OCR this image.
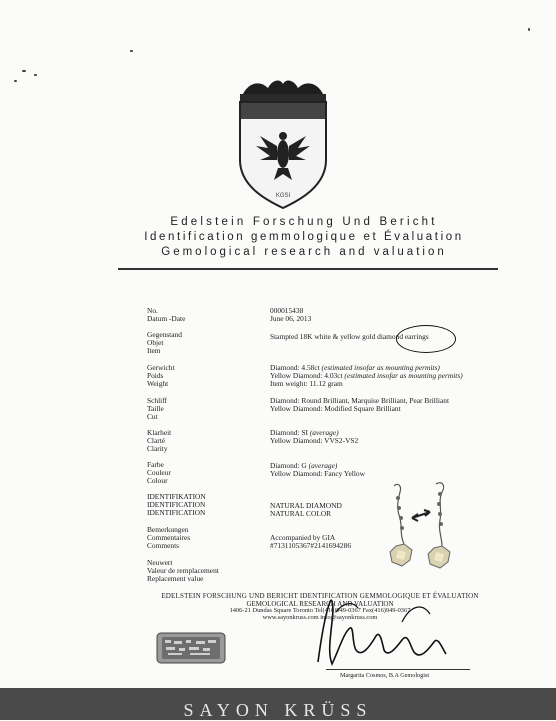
KGSI
Edelstein Forschung Und Bericht
Identification gemmologique et Évaluation
Gemological research and valuation
No.
Datum -Date
000015438
June 06, 2013
Gegenstand
Objet
Item
Stampted 18K white & yellow gold diamond earrings
Gerwicht
Poids
Weight
Diamond: 4.58ct (estimated insofar as mounting permits)
Yellow Diamond: 4.03ct (estimated insofar as mounting permits)
Item weight: 11.12 gram
Schliff
Taille
Cut
Diamond: Round Brilliant, Marquise Brilliant, Pear Brilliant
Yellow Diamond: Modified Square Brilliant
Klarheit
Clarté
Clarity
Diamond: SI (average)
Yellow Diamond: VVS2-VS2
Farbe
Couleur
Colour
Diamond: G (average)
Yellow Diamond: Fancy Yellow
IDENTIFIKATION
IDENTIFICATION
IDENTIFICATION
NATURAL DIAMOND
NATURAL COLOR
Bemerkungen
Commentaires
Comments
Accompanied by GIA
#7131105367#2141694286
Neuwert
Valeur de remplacement
Replacement value
EDELSTEIN FORSCHUNG UND BERICHT IDENTIFICATION GEMMOLOGIQUE ET ÉVALUATION
GEMOLOGICAL RESEARCH AND VALUATION
1406-21 Dundas Square Toronto Tel(416)949-0367 Fax(416)949-0367
www.sayonkruss.com info@sayonkruss.com
Margarita Cosmos, B.A Gemologist
SAYON KRÜSS
